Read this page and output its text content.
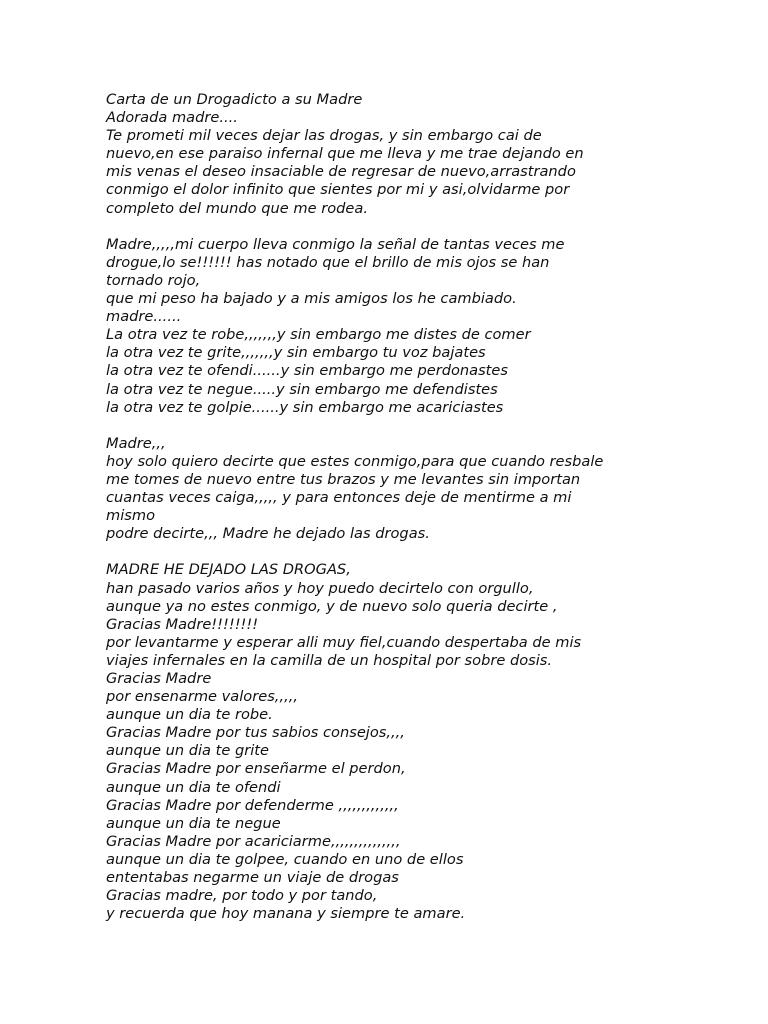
Carta de un Drogadicto a su Madre
Adorada madre....
Te prometi mil veces dejar las drogas, y sin embargo cai de
nuevo,en ese paraiso infernal que me lleva y me trae dejando en
mis venas el deseo insaciable de regresar de nuevo,arrastrando
conmigo el dolor infinito que sientes por mi y asi,olvidarme por
completo del mundo que me rodea.
Madre,,,,,mi cuerpo lleva conmigo la señal de tantas veces me
drogue,lo se!!!!!! has notado que el brillo de mis ojos se han
tornado rojo,
que mi peso ha bajado y a mis amigos los he cambiado.
madre......
La otra vez te robe,,,,,,,y sin embargo me distes de comer
la otra vez te grite,,,,,,,y sin embargo tu voz bajates
la otra vez te ofendi......y sin embargo me perdonastes
la otra vez te negue.....y sin embargo me defendistes
la otra vez te golpie......y sin embargo me acariciastes
Madre,,,
hoy solo quiero decirte que estes conmigo,para que cuando resbale
me tomes de nuevo entre tus brazos y me levantes sin importan
cuantas veces caiga,,,,, y para entonces deje de mentirme a mi
mismo
podre decirte,,, Madre he dejado las drogas.
MADRE HE DEJADO LAS DROGAS,
han pasado varios años y hoy puedo decirtelo con orgullo,
aunque ya no estes conmigo, y de nuevo solo queria decirte ,
Gracias Madre!!!!!!!!
por levantarme y esperar alli muy fiel,cuando despertaba de mis
viajes infernales en la camilla de un hospital por sobre dosis.
Gracias Madre
por ensenarme valores,,,,,
aunque un dia te robe.
Gracias Madre por tus sabios consejos,,,,
aunque un dia te grite
Gracias Madre por enseñarme el perdon,
aunque un dia te ofendi
Gracias Madre por defenderme ,,,,,,,,,,,,,
aunque un dia te negue
Gracias Madre por acariciarme,,,,,,,,,,,,,,,
aunque un dia te golpee, cuando en uno de ellos
ententabas negarme un viaje de drogas
Gracias madre, por todo y por tando,
y recuerda que hoy manana y siempre te amare.
